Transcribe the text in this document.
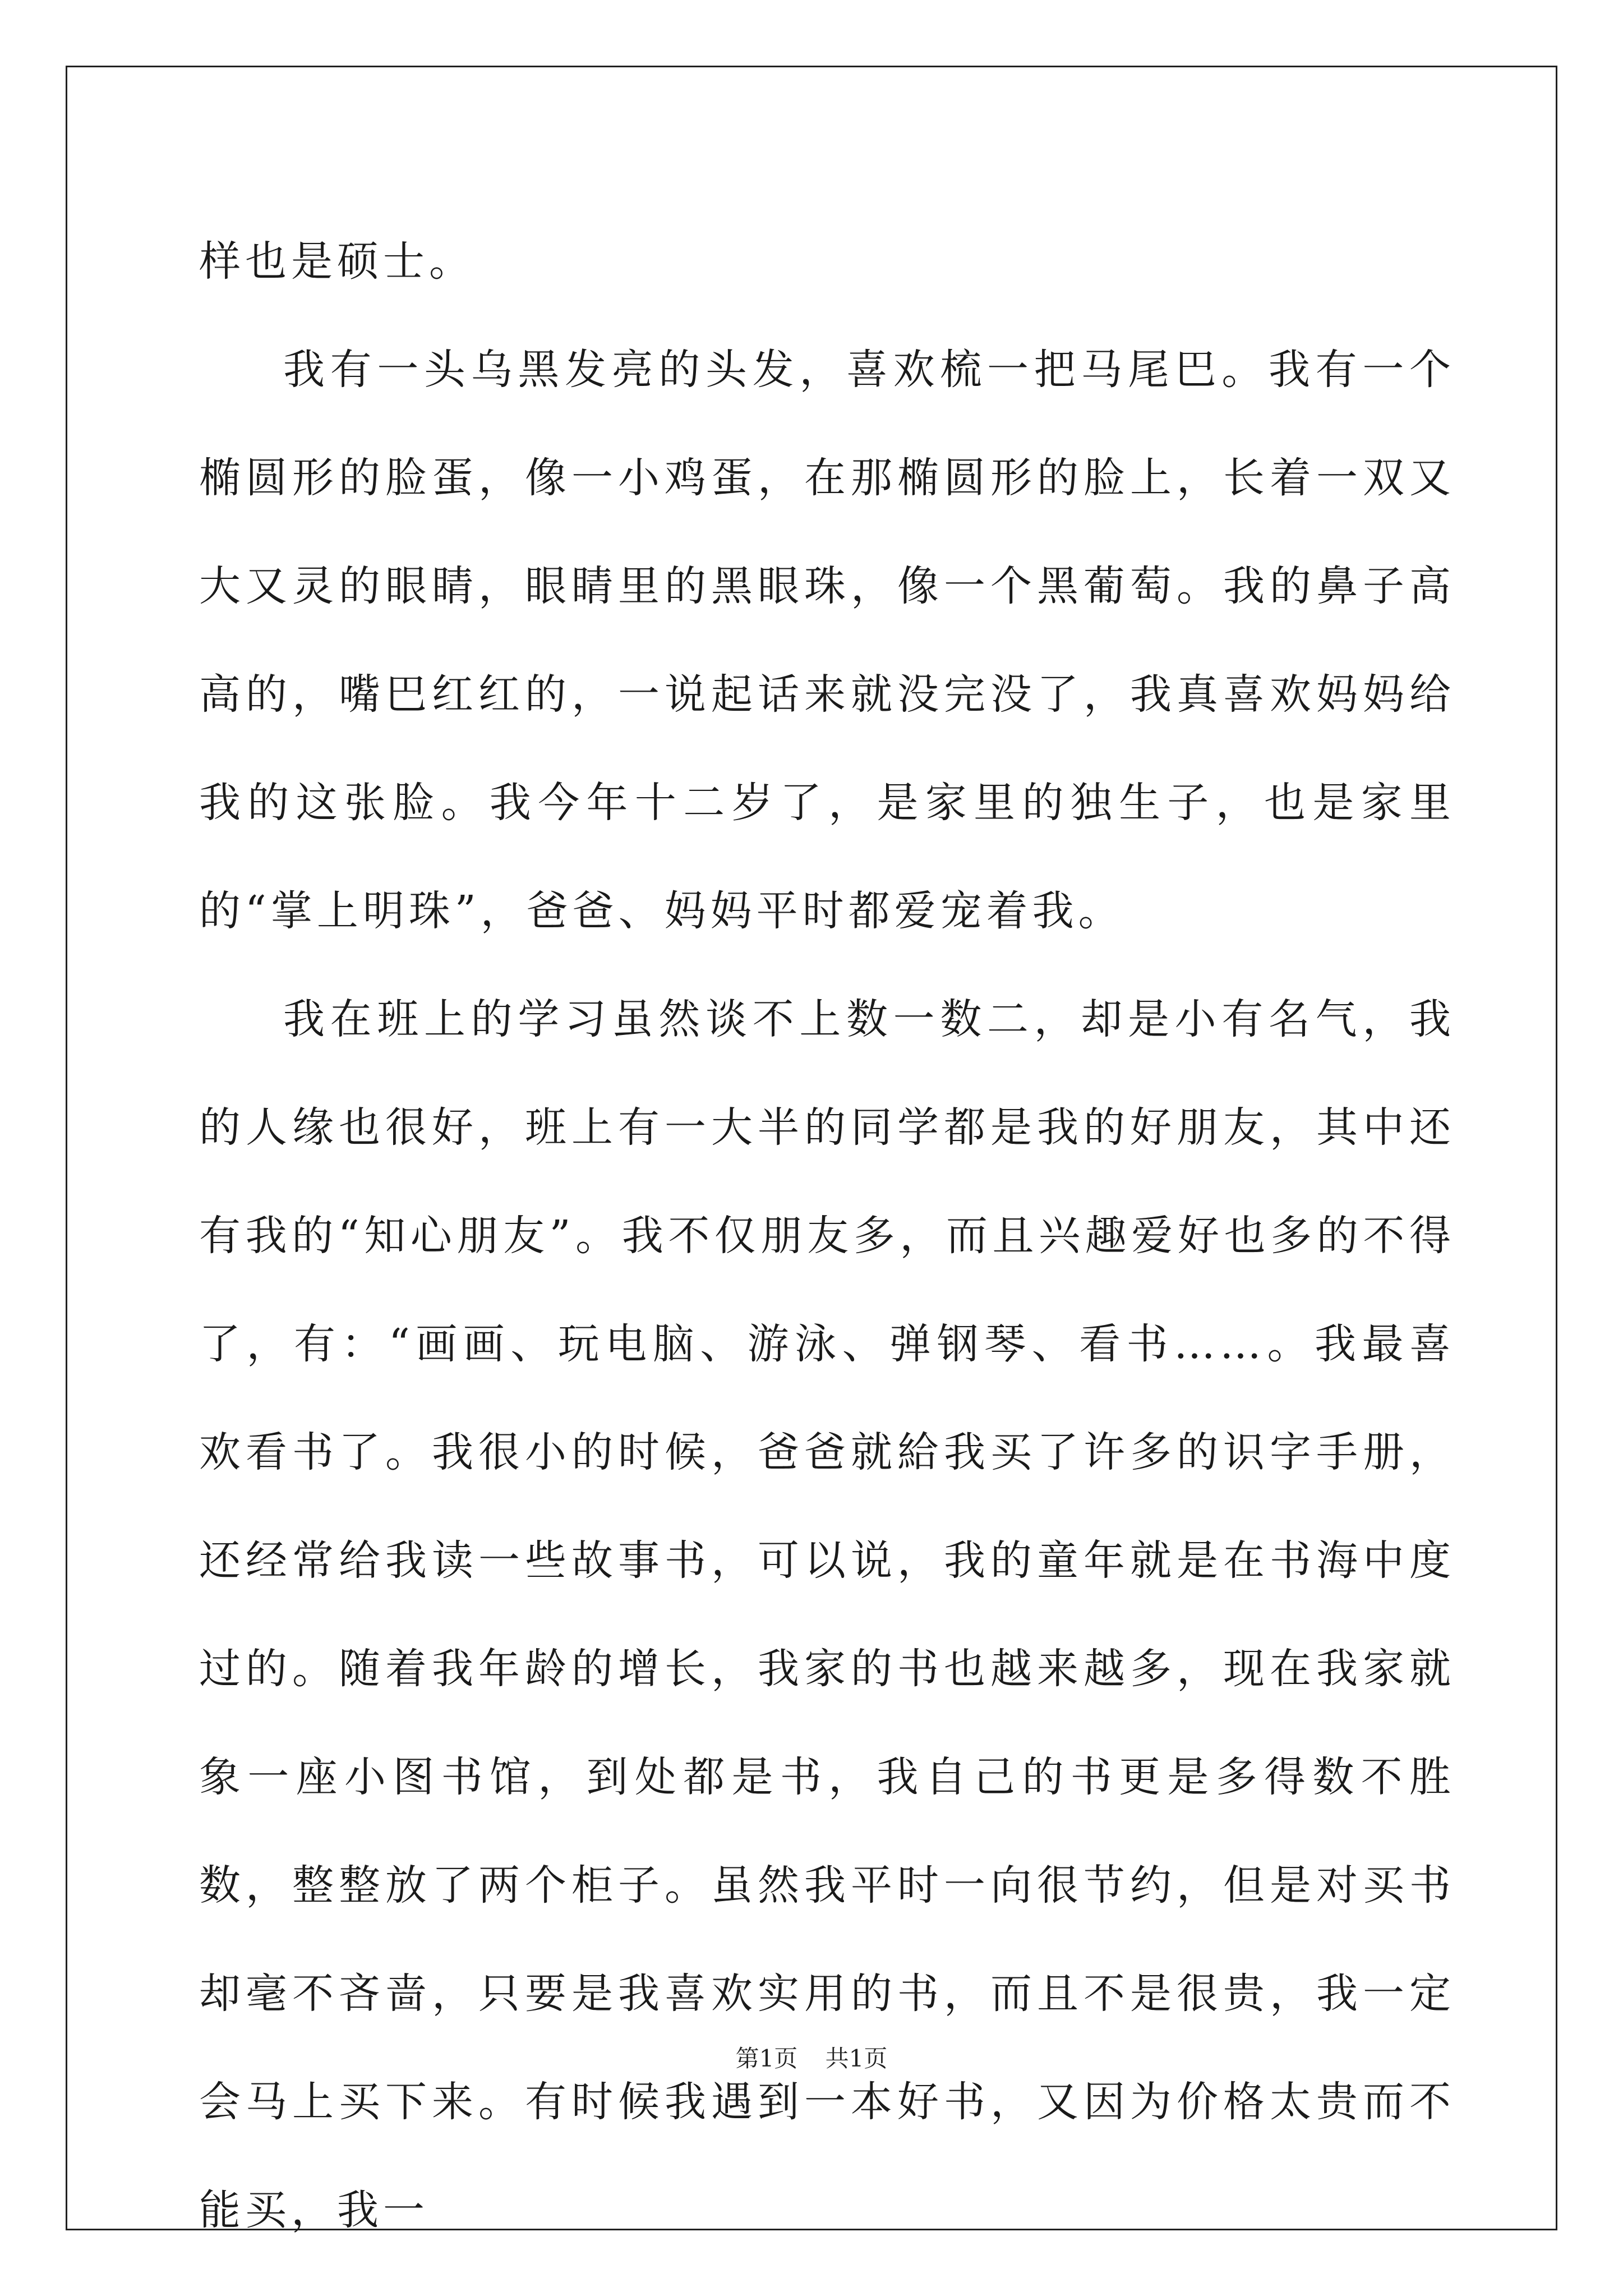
样也是硕士。

我有一头乌黑发亮的头发，喜欢梳一把马尾巴。我有一个椭圆形的脸蛋，像一小鸡蛋，在那椭圆形的脸上，长着一双又大又灵的眼睛，眼睛里的黑眼珠，像一个黑葡萄。我的鼻子高高的，嘴巴红红的，一说起话来就没完没了，我真喜欢妈妈给我的这张脸。我今年十二岁了，是家里的独生子，也是家里的“掌上明珠”，爸爸、妈妈平时都爱宠着我。

我在班上的学习虽然谈不上数一数二，却是小有名气，我的人缘也很好，班上有一大半的同学都是我的好朋友，其中还有我的“知心朋友”。我不仅朋友多，而且兴趣爱好也多的不得了，有：“画画、玩电脑、游泳、弹钢琴、看书……。我最喜欢看书了。我很小的时候，爸爸就給我买了许多的识字手册，还经常给我读一些故事书，可以说，我的童年就是在书海中度过的。随着我年龄的增长，我家的书也越来越多，现在我家就象一座小图书馆，到处都是书，我自己的书更是多得数不胜数，整整放了两个柜子。虽然我平时一向很节约，但是对买书却毫不吝啬，只要是我喜欢实用的书，而且不是很贵，我一定会马上买下来。有时候我遇到一本好书，又因为价格太贵而不能买，我一

第1页 共1页
